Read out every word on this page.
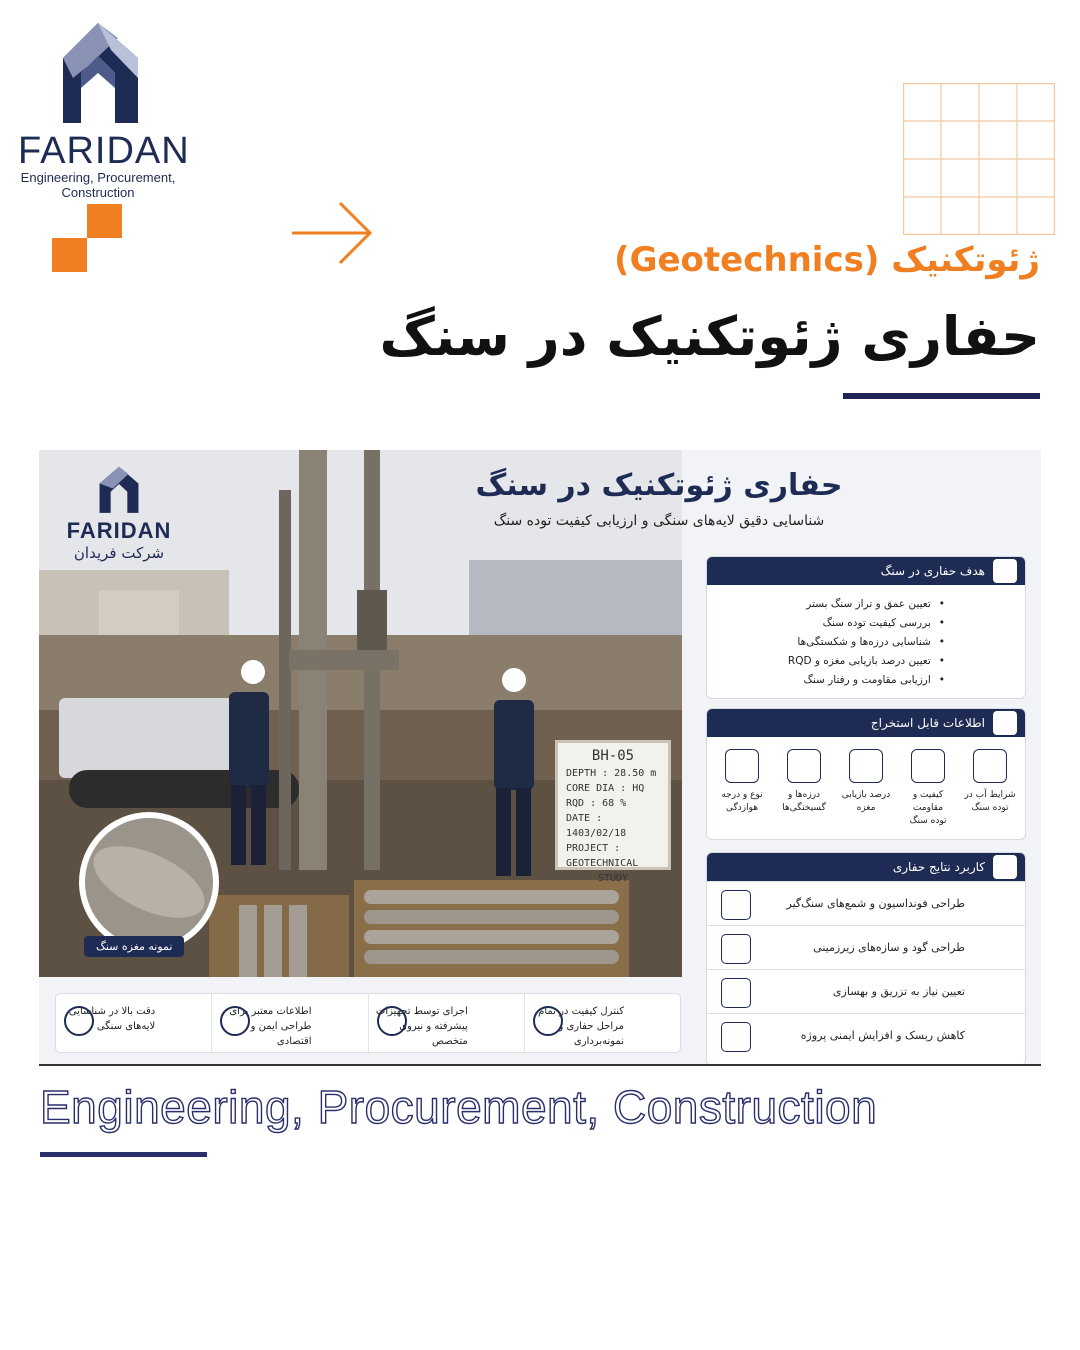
FARIDAN
Engineering, Procurement,
Construction
ژئوتکنیک (Geotechnics)
حفاری ژئوتکنیک در سنگ
FARIDAN
شرکت فریدان
نمونه مغزه سنگ
BH-05
DEPTH : 28.50 m
CORE DIA : HQ
RQD : 68 %
DATE : 1403/02/18
PROJECT : GEOTECHNICAL
STUDY
حفاری ژئوتکنیک در سنگ
شناسایی دقیق لایه‌های سنگی و ارزیابی کیفیت توده سنگ
هدف حفاری در سنگ
• تعیین عمق و تراز سنگ بستر
• بررسی کیفیت توده سنگ
• شناسایی درزه‌ها و شکستگی‌ها
• تعیین درصد بازیابی مغزه و RQD
• ارزیابی مقاومت و رفتار سنگ
اطلاعات قابل استخراج
شرایط آب در
توده سنگ
کیفیت و مقاومت
توده سنگ
درصد بازیابی
مغزه
درزه‌ها و
گسیختگی‌ها
نوع و درجه
هوازدگی
کاربرد نتایج حفاری
طراحی فونداسیون و شمع‌های سنگ‌گیر
طراحی گود و سازه‌های زیرزمینی
تعیین نیاز به تزریق و بهسازی
کاهش ریسک و افزایش ایمنی پروژه
کنترل کیفیت در تمام
مراحل حفاری و نمونه‌برداری
اجرای توسط تجهیزات
پیشرفته و نیروی متخصص
اطلاعات معتبر برای
طراحی ایمن و اقتصادی
دقت بالا در شناسایی
لایه‌های سنگی
Engineering, Procurement, Construction
